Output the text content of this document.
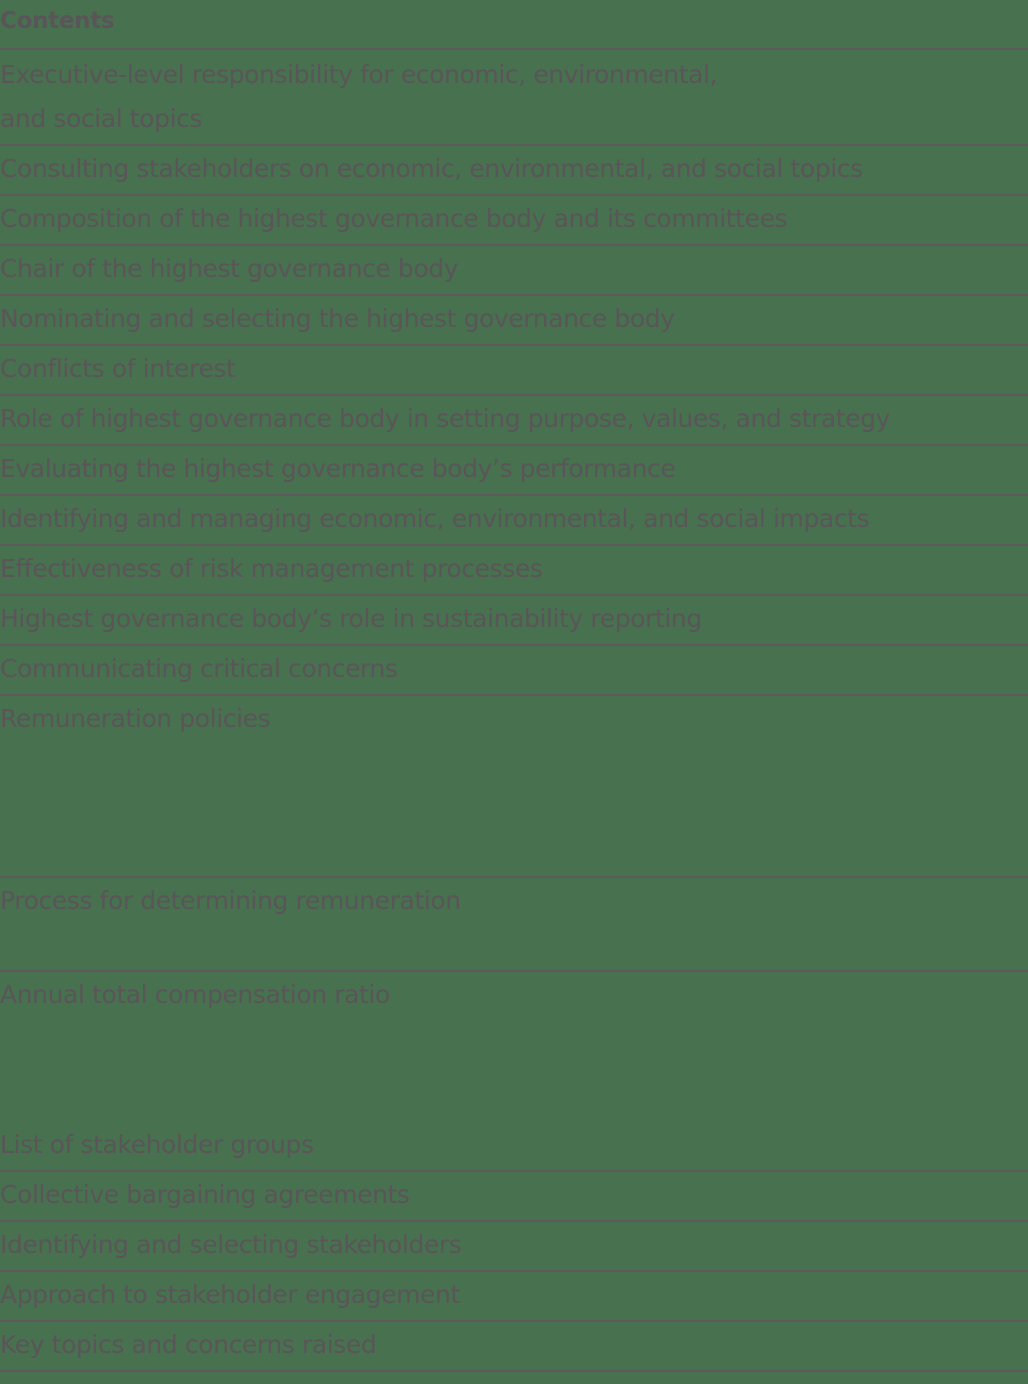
Contents
Executive-level responsibility for economic, environmental,
and social topics
Consulting stakeholders on economic, environmental, and social topics
Composition of the highest governance body and its committees
Chair of the highest governance body
Nominating and selecting the highest governance body
Conflicts of interest
Role of highest governance body in setting purpose, values, and strategy
Evaluating the highest governance body’s performance
Identifying and managing economic, environmental, and social impacts
Effectiveness of risk management processes
Highest governance body’s role in sustainability reporting
Communicating critical concerns
Remuneration policies
Process for determining remuneration
Annual total compensation ratio
List of stakeholder groups
Collective bargaining agreements
Identifying and selecting stakeholders
Approach to stakeholder engagement
Key topics and concerns raised
